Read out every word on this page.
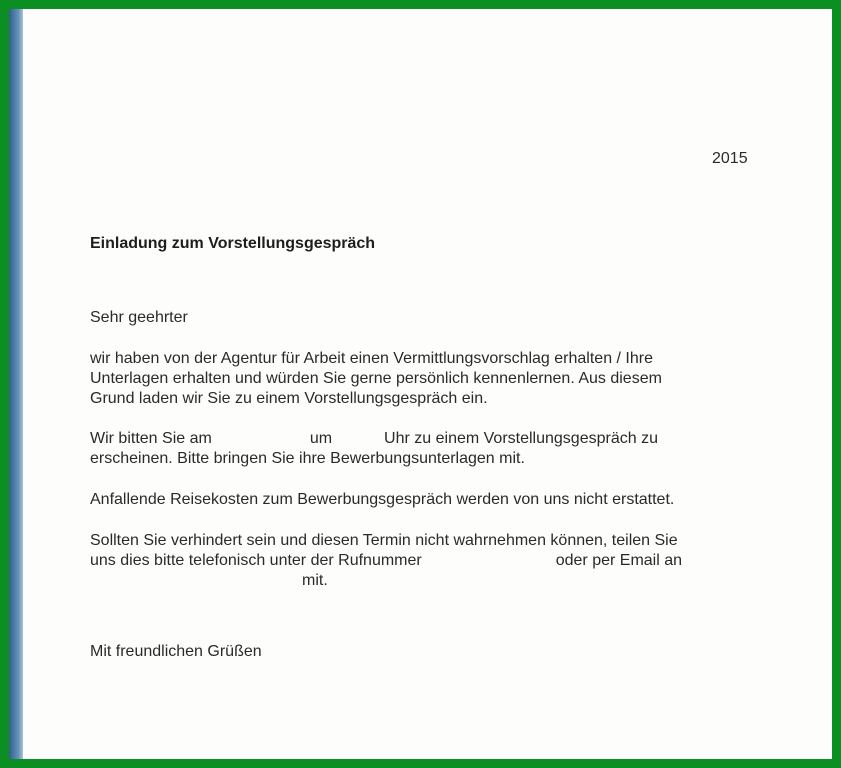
2015
Einladung zum Vorstellungsgespräch
Sehr geehrter
wir haben von der Agentur für Arbeit einen Vermittlungsvorschlag erhalten / Ihre
Unterlagen erhalten und würden Sie gerne persönlich kennenlernen. Aus diesem
Grund laden wir Sie zu einem Vorstellungsgespräch ein.
Wir bitten Sie am	um	Uhr zu einem Vorstellungsgespräch zu
erscheinen. Bitte bringen Sie ihre Bewerbungsunterlagen mit.
Anfallende Reisekosten zum Bewerbungsgespräch werden von uns nicht erstattet.
Sollten Sie verhindert sein und diesen Termin nicht wahrnehmen können, teilen Sie
uns dies bitte telefonisch unter der Rufnummer	oder per Email an
mit.
Mit freundlichen Grüßen
